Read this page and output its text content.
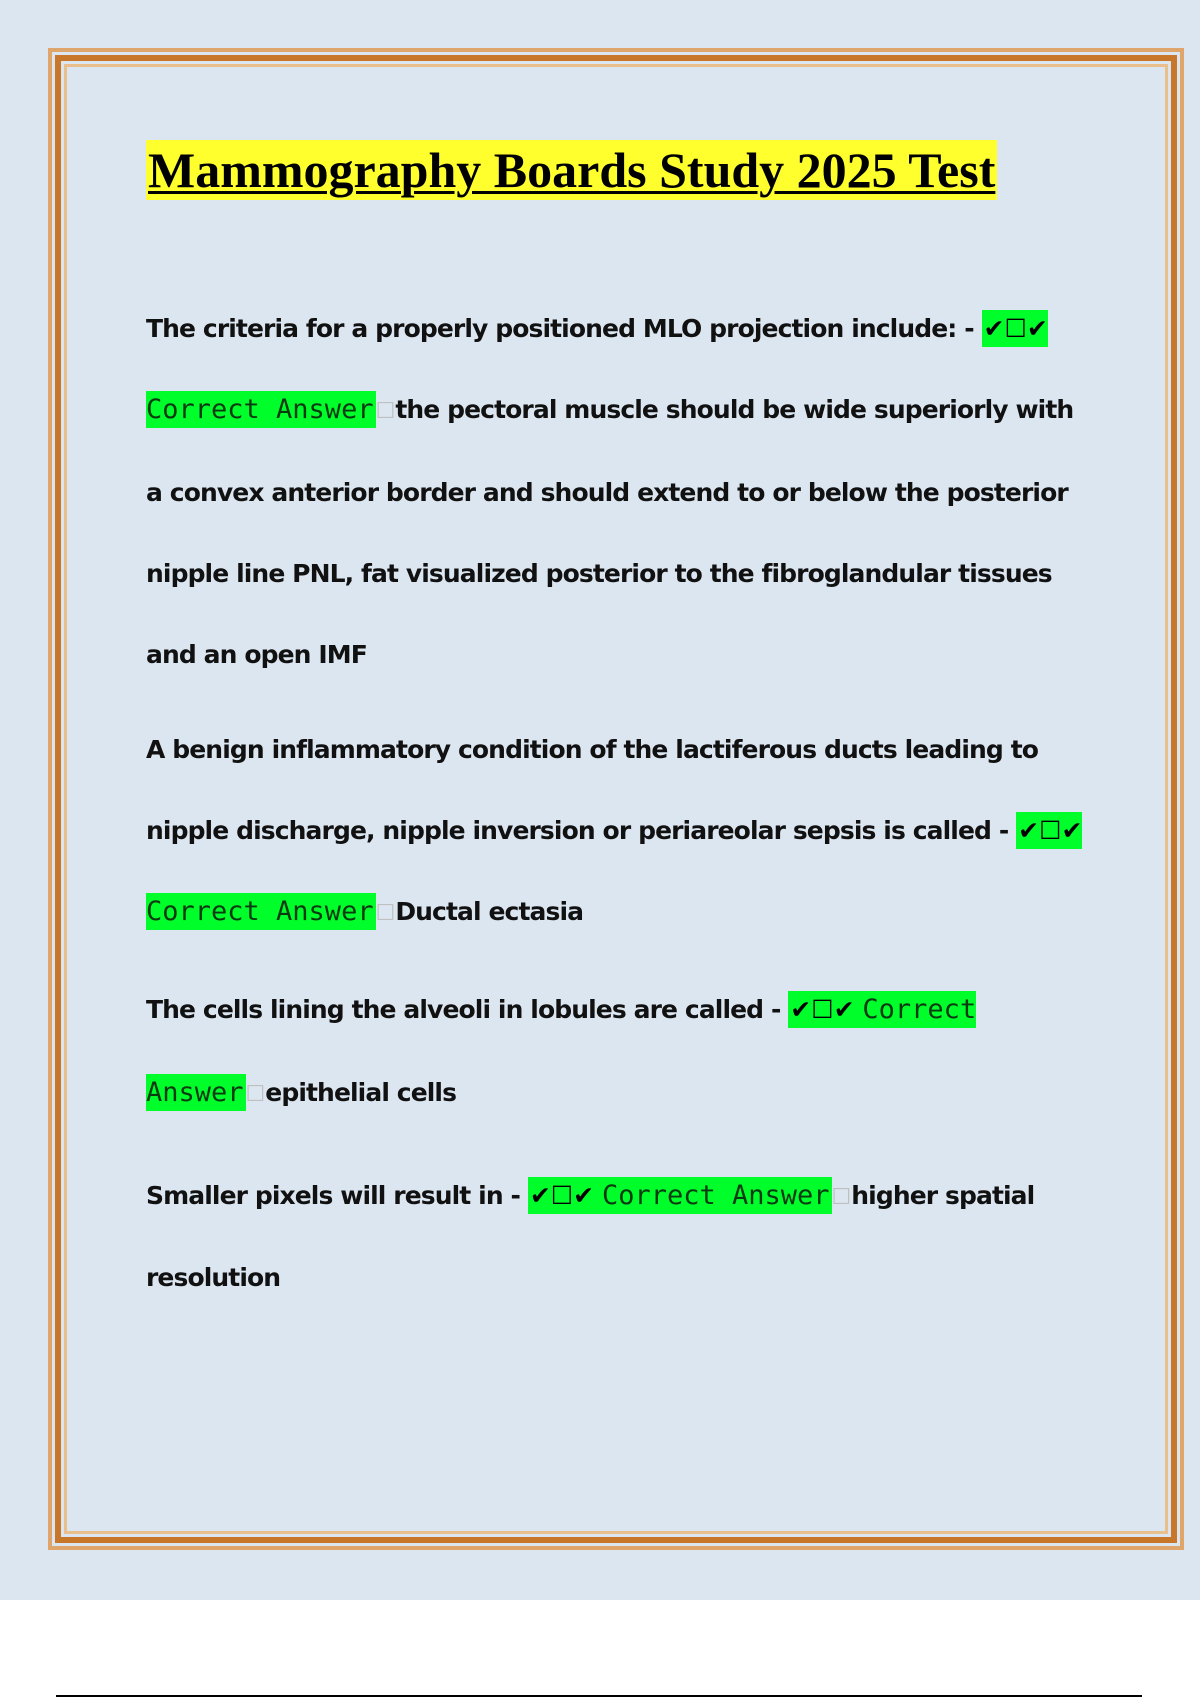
Mammography Boards Study 2025 Test

The criteria for a properly positioned MLO projection include: - ✔☐✔ Correct Answer☐the pectoral muscle should be wide superiorly with a convex anterior border and should extend to or below the posterior nipple line PNL, fat visualized posterior to the fibroglandular tissues and an open IMF

A benign inflammatory condition of the lactiferous ducts leading to nipple discharge, nipple inversion or periareolar sepsis is called - ✔☐✔ Correct Answer☐Ductal ectasia

The cells lining the alveoli in lobules are called - ✔☐✔ Correct Answer☐epithelial cells

Smaller pixels will result in - ✔☐✔ Correct Answer☐higher spatial resolution
